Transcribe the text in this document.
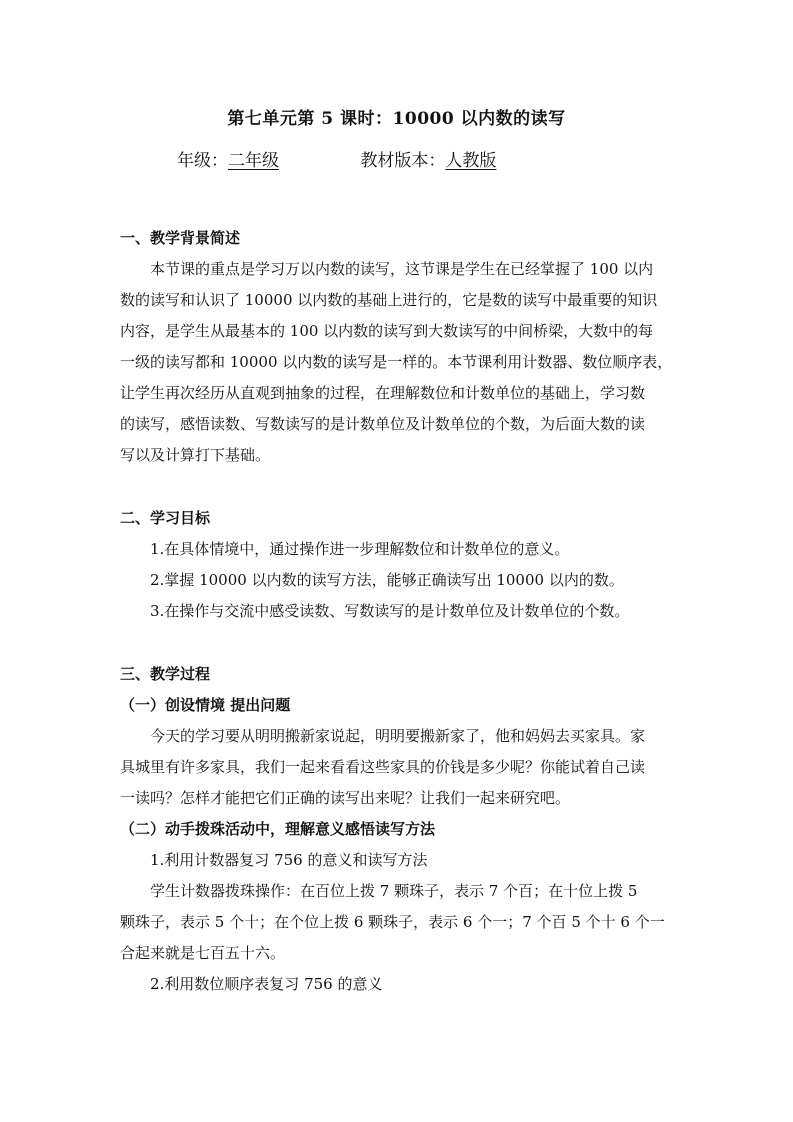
第七单元第 5 课时：10000 以内数的读写
年级：二年级	教材版本：人教版
一、教学背景简述
本节课的重点是学习万以内数的读写，这节课是学生在已经掌握了 100 以内
数的读写和认识了 10000 以内数的基础上进行的，它是数的读写中最重要的知识
内容，是学生从最基本的 100 以内数的读写到大数读写的中间桥梁，大数中的每
一级的读写都和 10000 以内数的读写是一样的。本节课利用计数器、数位顺序表，
让学生再次经历从直观到抽象的过程，在理解数位和计数单位的基础上，学习数
的读写，感悟读数、写数读写的是计数单位及计数单位的个数，为后面大数的读
写以及计算打下基础。
二、学习目标
1.在具体情境中，通过操作进一步理解数位和计数单位的意义。
2.掌握 10000 以内数的读写方法，能够正确读写出 10000 以内的数。
3.在操作与交流中感受读数、写数读写的是计数单位及计数单位的个数。
三、教学过程
（一）创设情境 提出问题
今天的学习要从明明搬新家说起，明明要搬新家了，他和妈妈去买家具。家
具城里有许多家具，我们一起来看看这些家具的价钱是多少呢？你能试着自己读
一读吗？怎样才能把它们正确的读写出来呢？让我们一起来研究吧。
（二）动手拨珠活动中，理解意义感悟读写方法
1.利用计数器复习 756 的意义和读写方法
学生计数器拨珠操作：在百位上拨 7 颗珠子，表示 7 个百；在十位上拨 5
颗珠子，表示 5 个十；在个位上拨 6 颗珠子，表示 6 个一；7 个百 5 个十 6 个一
合起来就是七百五十六。
2.利用数位顺序表复习 756 的意义
